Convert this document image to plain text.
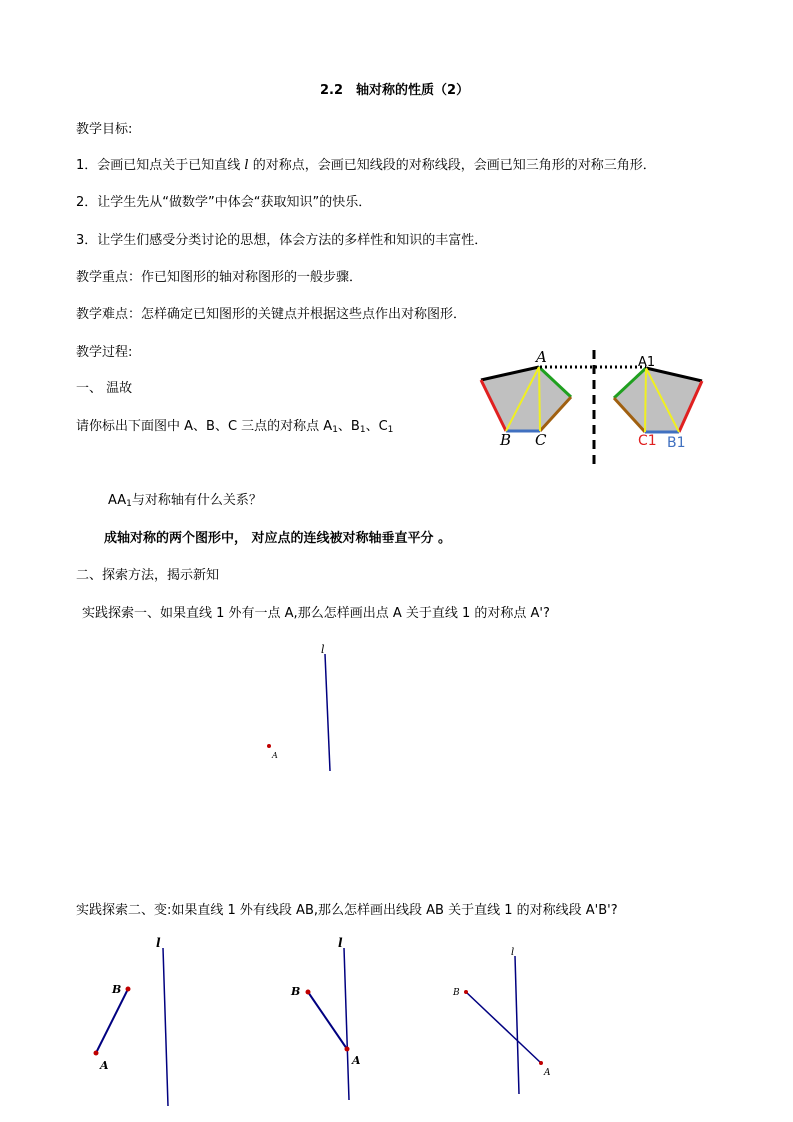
2.2　轴对称的性质（2）
教学目标:
1．会画已知点关于已知直线 l 的对称点，会画已知线段的对称线段，会画已知三角形的对称三角形．
2．让学生先从“做数学”中体会“获取知识”的快乐．
3．让学生们感受分类讨论的思想，体会方法的多样性和知识的丰富性．
教学重点：作已知图形的轴对称图形的一般步骤．
教学难点：怎样确定已知图形的关键点并根据这些点作出对称图形．
教学过程:
一、 温故
请你标出下面图中 A、B、C 三点的对称点 $A_1$、$B_1$、$C_1$
$AA_1$与对称轴有什么关系？
成轴对称的两个图形中， 对应点的连线被对称轴垂直平分 。
二、探索方法，揭示新知
实践探索一、如果直线 1 外有一点 A,那么怎样画出点 A 关于直线 1 的对称点 A'?
实践探索二、变:如果直线 1 外有线段 AB,那么怎样画出线段 AB 关于直线 1 的对称线段 A'B'?
A
B C
A1
C1 B1
l
A
l
B
A
l
B
A
l
B
A
